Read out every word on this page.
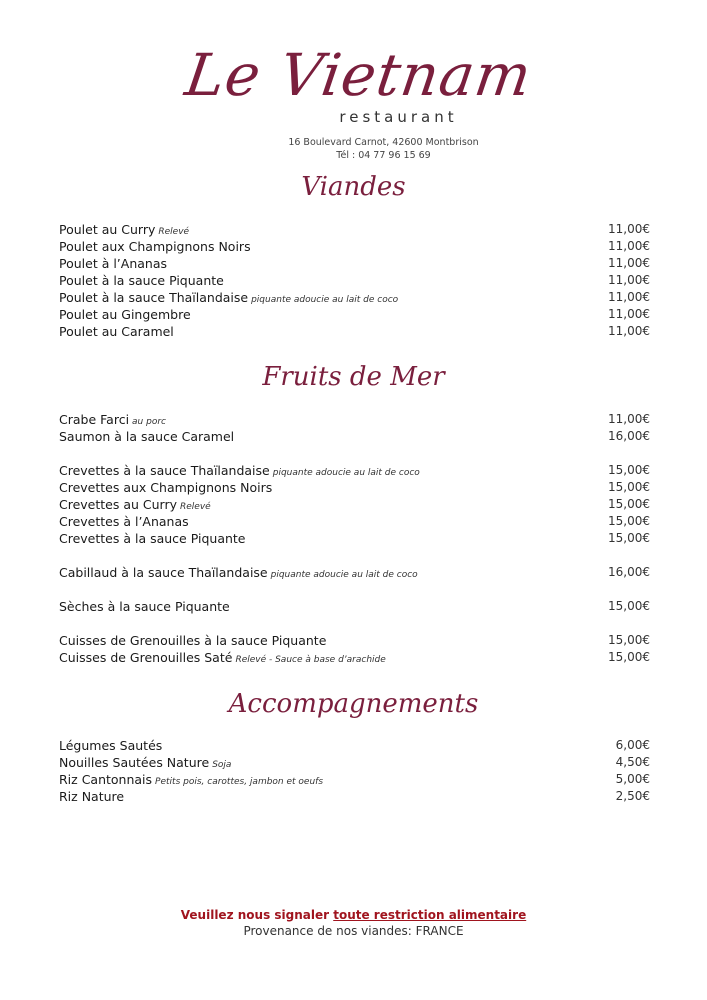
Le Vietnam
restaurant
16 Boulevard Carnot, 42600 Montbrison
Tél : 04 77 96 15 69
Viandes
Poulet au Curry Relevé	11,00€
Poulet aux Champignons Noirs	11,00€
Poulet à l’Ananas	11,00€
Poulet à la sauce Piquante	11,00€
Poulet à la sauce Thaïlandaise piquante adoucie au lait de coco	11,00€
Poulet au Gingembre	11,00€
Poulet au Caramel	11,00€
Fruits de Mer
Crabe Farci au porc	11,00€
Saumon à la sauce Caramel	16,00€
Crevettes à la sauce Thaïlandaise piquante adoucie au lait de coco	15,00€
Crevettes aux Champignons Noirs	15,00€
Crevettes au Curry Relevé	15,00€
Crevettes à l’Ananas	15,00€
Crevettes à la sauce Piquante	15,00€
Cabillaud à la sauce Thaïlandaise piquante adoucie au lait de coco	16,00€
Sèches à la sauce Piquante	15,00€
Cuisses de Grenouilles à la sauce Piquante	15,00€
Cuisses de Grenouilles Saté Relevé - Sauce à base d’arachide	15,00€
Accompagnements
Légumes Sautés	6,00€
Nouilles Sautées Nature Soja	4,50€
Riz Cantonnais Petits pois, carottes, jambon et oeufs	5,00€
Riz Nature	2,50€
Veuillez nous signaler toute restriction alimentaire
Provenance de nos viandes: FRANCE
